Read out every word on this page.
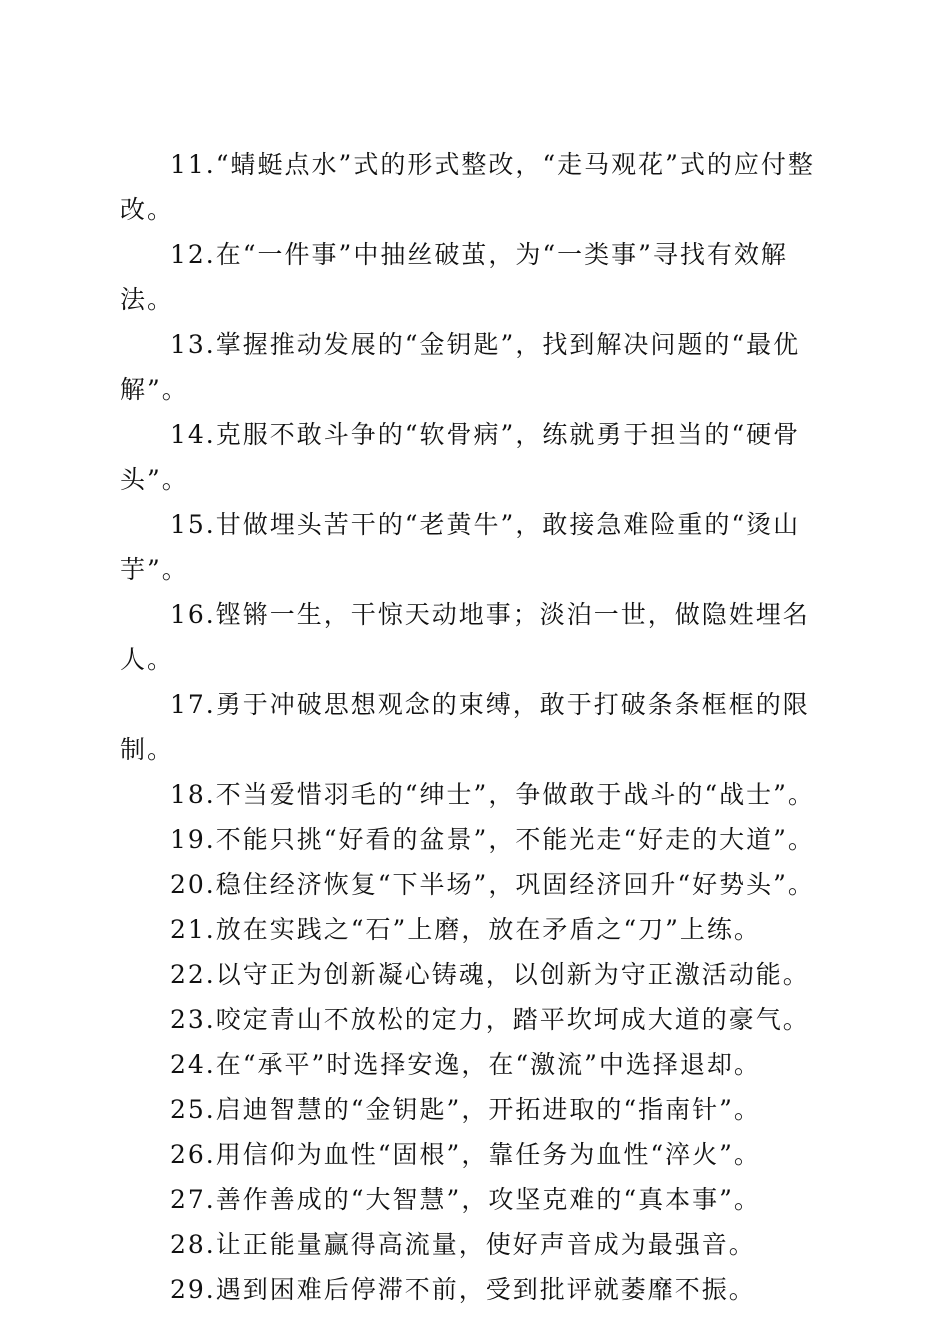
11.“蜻蜓点水”式的形式整改，“走马观花”式的应付整改。

12.在“一件事”中抽丝破茧，为“一类事”寻找有效解法。

13.掌握推动发展的“金钥匙”，找到解决问题的“最优解”。

14.克服不敢斗争的“软骨病”，练就勇于担当的“硬骨头”。

15.甘做埋头苦干的“老黄牛”，敢接急难险重的“烫山芋”。

16.铿锵一生，干惊天动地事；淡泊一世，做隐姓埋名人。

17.勇于冲破思想观念的束缚，敢于打破条条框框的限制。

18.不当爱惜羽毛的“绅士”，争做敢于战斗的“战士”。

19.不能只挑“好看的盆景”，不能光走“好走的大道”。

20.稳住经济恢复“下半场”，巩固经济回升“好势头”。

21.放在实践之“石”上磨，放在矛盾之“刀”上练。

22.以守正为创新凝心铸魂，以创新为守正激活动能。

23.咬定青山不放松的定力，踏平坎坷成大道的豪气。

24.在“承平”时选择安逸，在“激流”中选择退却。

25.启迪智慧的“金钥匙”，开拓进取的“指南针”。

26.用信仰为血性“固根”，靠任务为血性“淬火”。

27.善作善成的“大智慧”，攻坚克难的“真本事”。

28.让正能量赢得高流量，使好声音成为最强音。

29.遇到困难后停滞不前，受到批评就萎靡不振。
